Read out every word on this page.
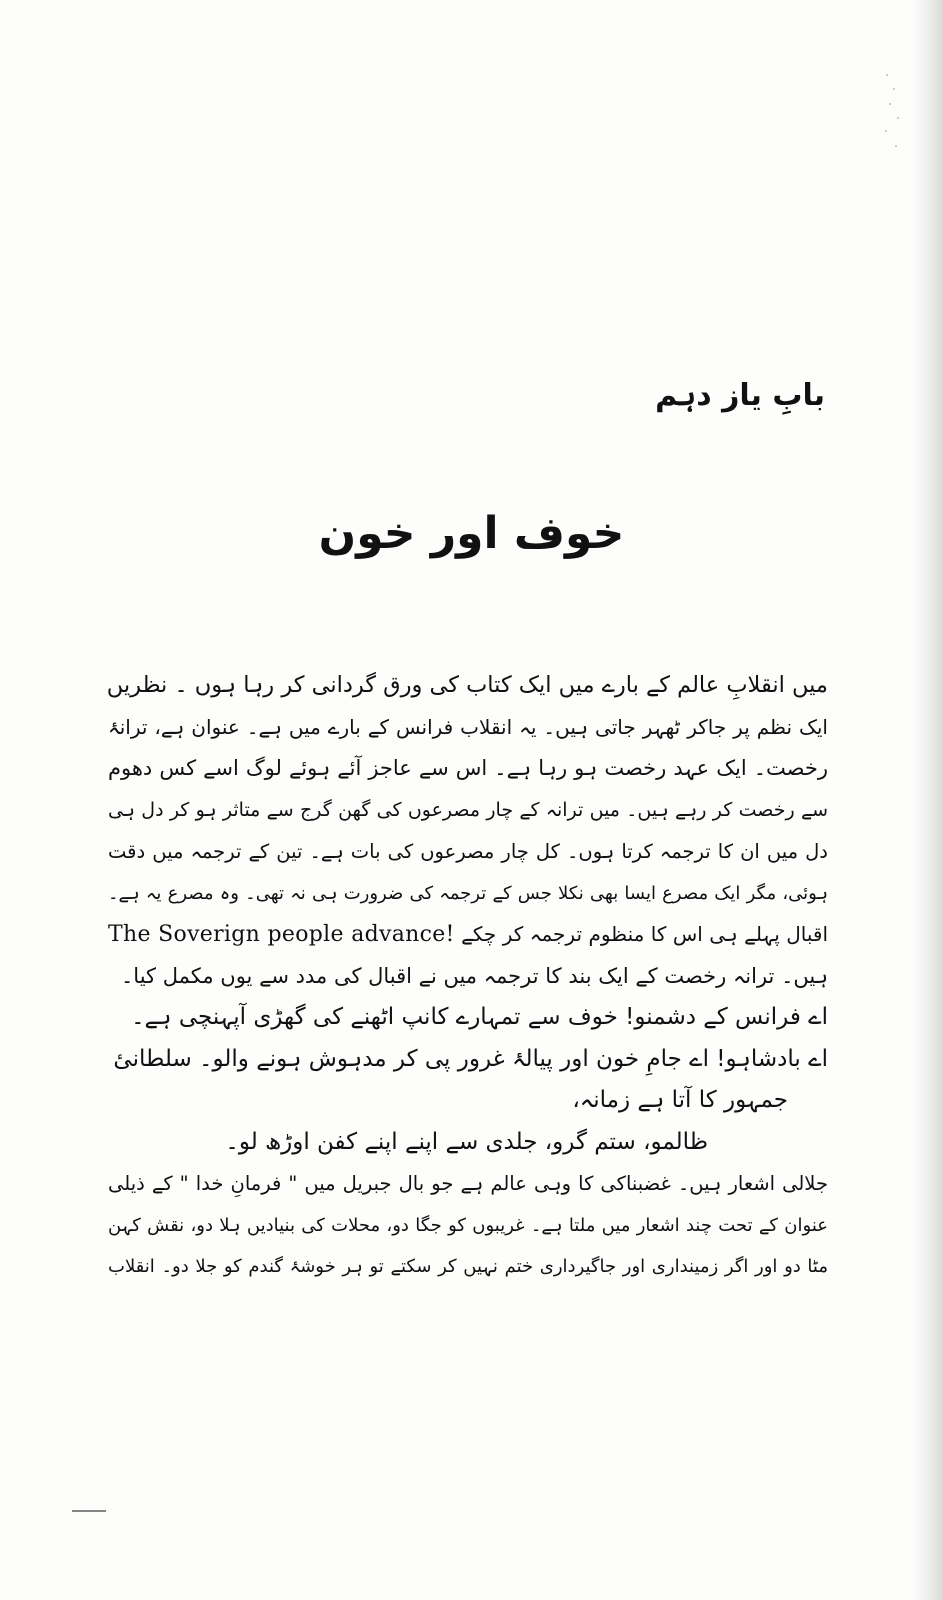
بابِ یاز دہم
خوف اور خون
میں انقلابِ عالم کے بارے میں ایک کتاب کی ورق گردانی کر رہا ہوں ۔ نظریں
ایک نظم پر جاکر ٹھہر جاتی ہیں۔ یہ انقلاب فرانس کے بارے میں ہے۔ عنوان ہے، ترانۂ
رخصت۔ ایک عہد رخصت ہو رہا ہے۔ اس سے عاجز آئے ہوئے لوگ اسے کس دھوم
سے رخصت کر رہے ہیں۔ میں ترانہ کے چار مصرعوں کی گھن گرج سے متاثر ہو کر دل ہی
دل میں ان کا ترجمہ کرتا ہوں۔ کل چار مصرعوں کی بات ہے۔ تین کے ترجمہ میں دقت
ہوئی، مگر ایک مصرع ایسا بھی نکلا جس کے ترجمہ کی ضرورت ہی نہ تھی۔ وہ مصرع یہ ہے۔
اقبال پہلے ہی اس کا منظوم ترجمہ کر چکے The Soverign people advance!
ہیں۔ ترانہ رخصت کے ایک بند کا ترجمہ میں نے اقبال کی مدد سے یوں مکمل کیا۔
اے فرانس کے دشمنو! خوف سے تمہارے کانپ اٹھنے کی گھڑی آپہنچی ہے۔
اے بادشاہو! اے جامِ خون اور پیالۂ غرور پی کر مدہوش ہونے والو۔ سلطانیٔ
جمہور کا آتا ہے زمانہ،
ظالمو، ستم گرو، جلدی سے اپنے اپنے کفن اوڑھ لو۔
جلالی اشعار ہیں۔ غضبناکی کا وہی عالم ہے جو بال جبریل میں " فرمانِ خدا " کے ذیلی
عنوان کے تحت چند اشعار میں ملتا ہے۔ غریبوں کو جگا دو، محلات کی بنیادیں ہلا دو، نقش کہن
مٹا دو اور اگر زمینداری اور جاگیرداری ختم نہیں کر سکتے تو ہر خوشۂ گندم کو جلا دو۔ انقلاب
